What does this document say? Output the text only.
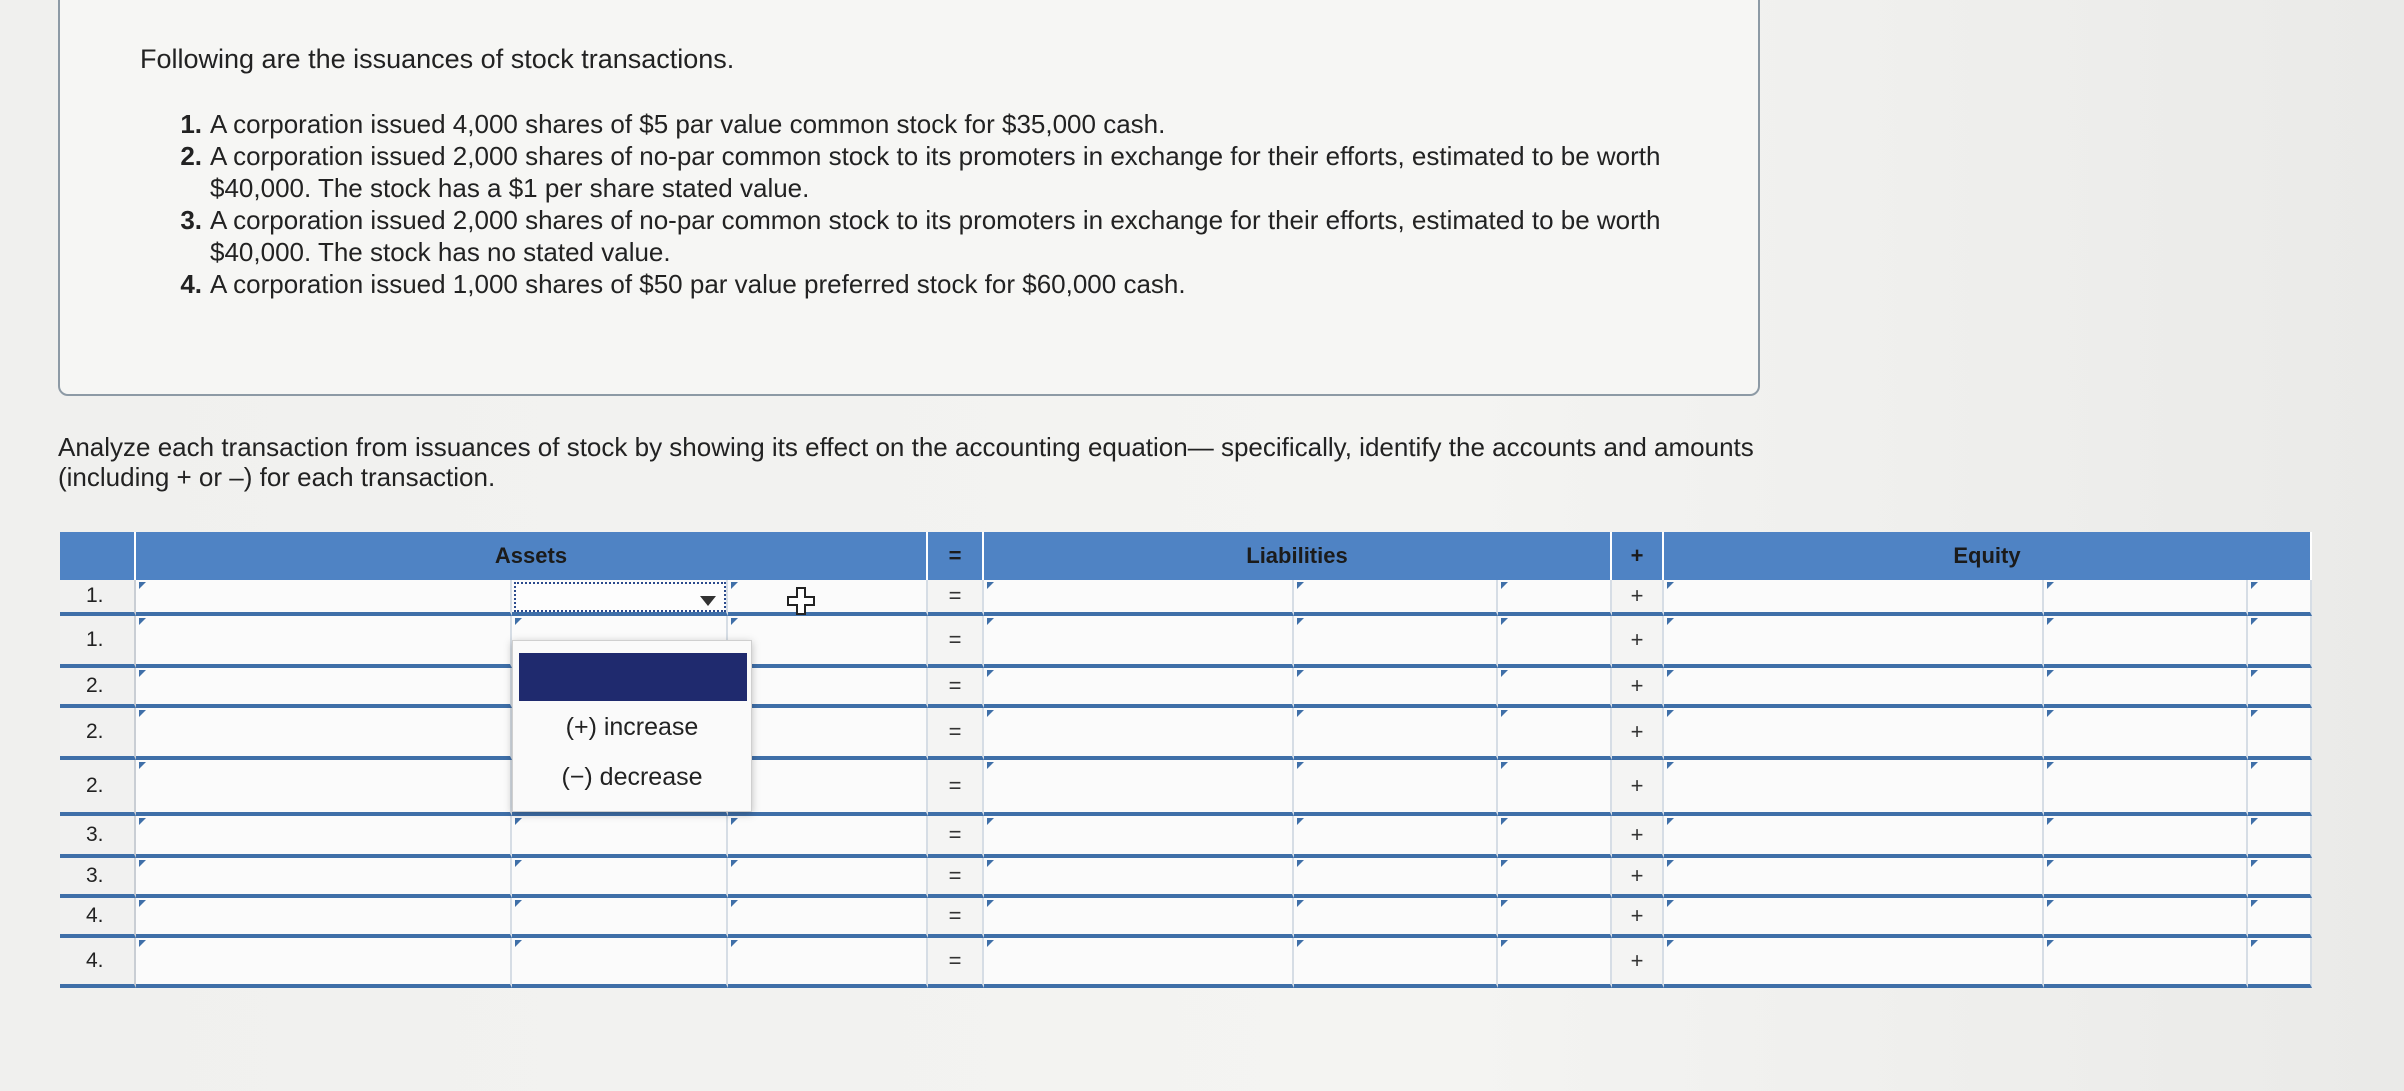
Following are the issuances of stock transactions.
1. A corporation issued 4,000 shares of $5 par value common stock for $35,000 cash.
2. A corporation issued 2,000 shares of no-par common stock to its promoters in exchange for their efforts, estimated to be worth $40,000. The stock has a $1 per share stated value.
3. A corporation issued 2,000 shares of no-par common stock to its promoters in exchange for their efforts, estimated to be worth $40,000. The stock has no stated value.
4. A corporation issued 1,000 shares of $50 par value preferred stock for $60,000 cash.
Analyze each transaction from issuances of stock by showing its effect on the accounting equation— specifically, identify the accounts and amounts (including + or –) for each transaction.
Assets	=	Liabilities	+	Equity
1.	=	+
1.	=	+
2.	=	+
2.	=	+
2.	=	+
3.	=	+
3.	=	+
4.	=	+
4.	=	+
(+) increase
(−) decrease
